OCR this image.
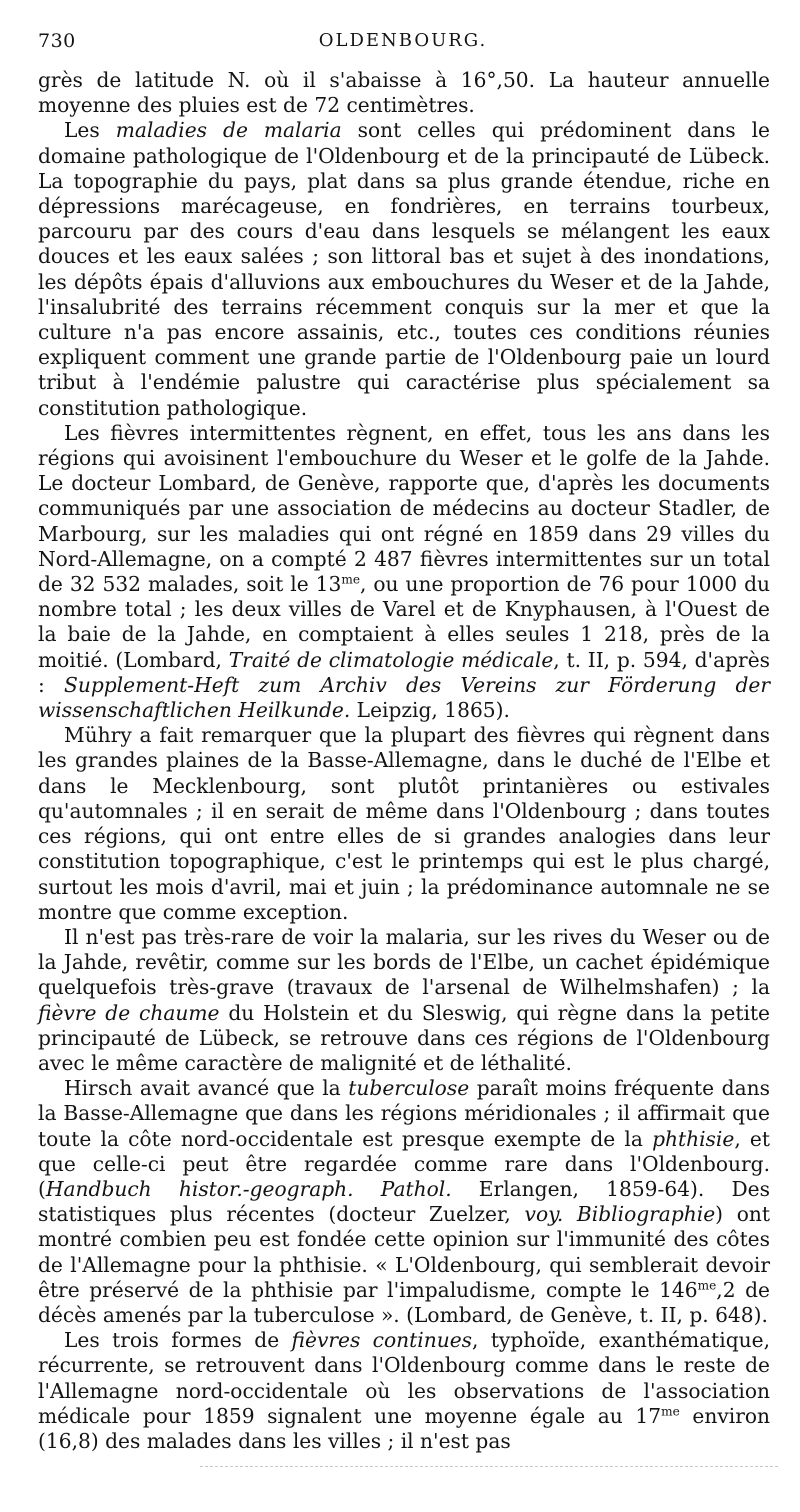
730	OLDENBOURG.

grès de latitude N. où il s'abaisse à 16°,50. La hauteur annuelle moyenne des pluies est de 72 centimètres.

Les maladies de malaria sont celles qui prédominent dans le domaine pathologique de l'Oldenbourg et de la principauté de Lübeck. La topographie du pays, plat dans sa plus grande étendue, riche en dépressions marécageuse, en fondrières, en terrains tourbeux, parcouru par des cours d'eau dans lesquels se mélangent les eaux douces et les eaux salées ; son littoral bas et sujet à des inondations, les dépôts épais d'alluvions aux embouchures du Weser et de la Jahde, l'insalubrité des terrains récemment conquis sur la mer et que la culture n'a pas encore assainis, etc., toutes ces conditions réunies expliquent comment une grande partie de l'Oldenbourg paie un lourd tribut à l'endémie palustre qui caractérise plus spécialement sa constitution pathologique.

Les fièvres intermittentes règnent, en effet, tous les ans dans les régions qui avoisinent l'embouchure du Weser et le golfe de la Jahde. Le docteur Lombard, de Genève, rapporte que, d'après les documents communiqués par une association de médecins au docteur Stadler, de Marbourg, sur les maladies qui ont régné en 1859 dans 29 villes du Nord-Allemagne, on a compté 2 487 fièvres intermittentes sur un total de 32 532 malades, soit le $13^{me}$, ou une proportion de 76 pour 1000 du nombre total ; les deux villes de Varel et de Knyphausen, à l'Ouest de la baie de la Jahde, en comptaient à elles seules 1 218, près de la moitié. (Lombard, Traité de climatologie médicale, t. II, p. 594, d'après : Supplement-Heft zum Archiv des Vereins zur Förderung der wissenschaftlichen Heilkunde. Leipzig, 1865).

Mühry a fait remarquer que la plupart des fièvres qui règnent dans les grandes plaines de la Basse-Allemagne, dans le duché de l'Elbe et dans le Mecklenbourg, sont plutôt printanières ou estivales qu'automnales ; il en serait de même dans l'Oldenbourg ; dans toutes ces régions, qui ont entre elles de si grandes analogies dans leur constitution topographique, c'est le printemps qui est le plus chargé, surtout les mois d'avril, mai et juin ; la prédominance automnale ne se montre que comme exception.

Il n'est pas très-rare de voir la malaria, sur les rives du Weser ou de la Jahde, revêtir, comme sur les bords de l'Elbe, un cachet épidémique quelquefois très-grave (travaux de l'arsenal de Wilhelmshafen) ; la fièvre de chaume du Holstein et du Sleswig, qui règne dans la petite principauté de Lübeck, se retrouve dans ces régions de l'Oldenbourg avec le même caractère de malignité et de léthalité.

Hirsch avait avancé que la tuberculose paraît moins fréquente dans la Basse-Allemagne que dans les régions méridionales ; il affirmait que toute la côte nord-occidentale est presque exempte de la phthisie, et que celle-ci peut être regardée comme rare dans l'Oldenbourg. (Handbuch histor.-geograph. Pathol. Erlangen, 1859-64). Des statistiques plus récentes (docteur Zuelzer, voy. Bibliographie) ont montré combien peu est fondée cette opinion sur l'immunité des côtes de l'Allemagne pour la phthisie. « L'Oldenbourg, qui semblerait devoir être préservé de la phthisie par l'impaludisme, compte le $146^{me},2$ de décès amenés par la tuberculose ». (Lombard, de Genève, t. II, p. 648).

Les trois formes de fièvres continues, typhoïde, exanthématique, récurrente, se retrouvent dans l'Oldenbourg comme dans le reste de l'Allemagne nord-occidentale où les observations de l'association médicale pour 1859 signalent une moyenne égale au $17^{me}$ environ (16,8) des malades dans les villes ; il n'est pas
